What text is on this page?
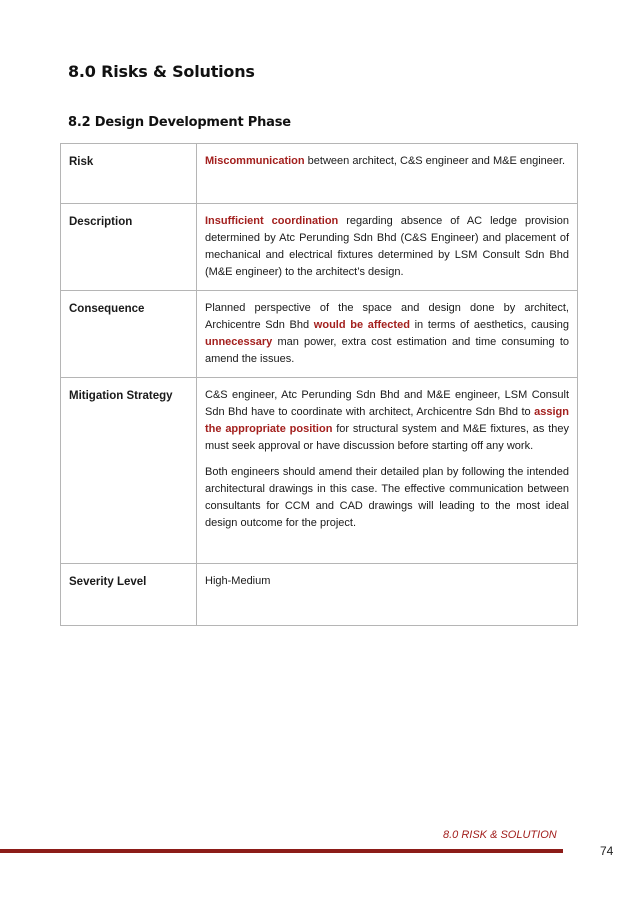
8.0 Risks & Solutions
8.2 Design Development Phase
Risk	Miscommunication between architect, C&S engineer and M&E engineer.
Description	Insufficient coordination regarding absence of AC ledge provision determined by Atc Perunding Sdn Bhd (C&S Engineer) and placement of mechanical and electrical fixtures determined by LSM Consult Sdn Bhd (M&E engineer) to the architect’s design.
Consequence	Planned perspective of the space and design done by architect, Archicentre Sdn Bhd would be affected in terms of aesthetics, causing unnecessary man power, extra cost estimation and time consuming to amend the issues.
Mitigation Strategy	C&S engineer, Atc Perunding Sdn Bhd and M&E engineer, LSM Consult Sdn Bhd have to coordinate with architect, Archicentre Sdn Bhd to assign the appropriate position for structural system and M&E fixtures, as they must seek approval or have discussion before starting off any work.
Both engineers should amend their detailed plan by following the intended architectural drawings in this case. The effective communication between consultants for CCM and CAD drawings will leading to the most ideal design outcome for the project.

Severity Level	High-Medium
8.0 RISK & SOLUTION
74
